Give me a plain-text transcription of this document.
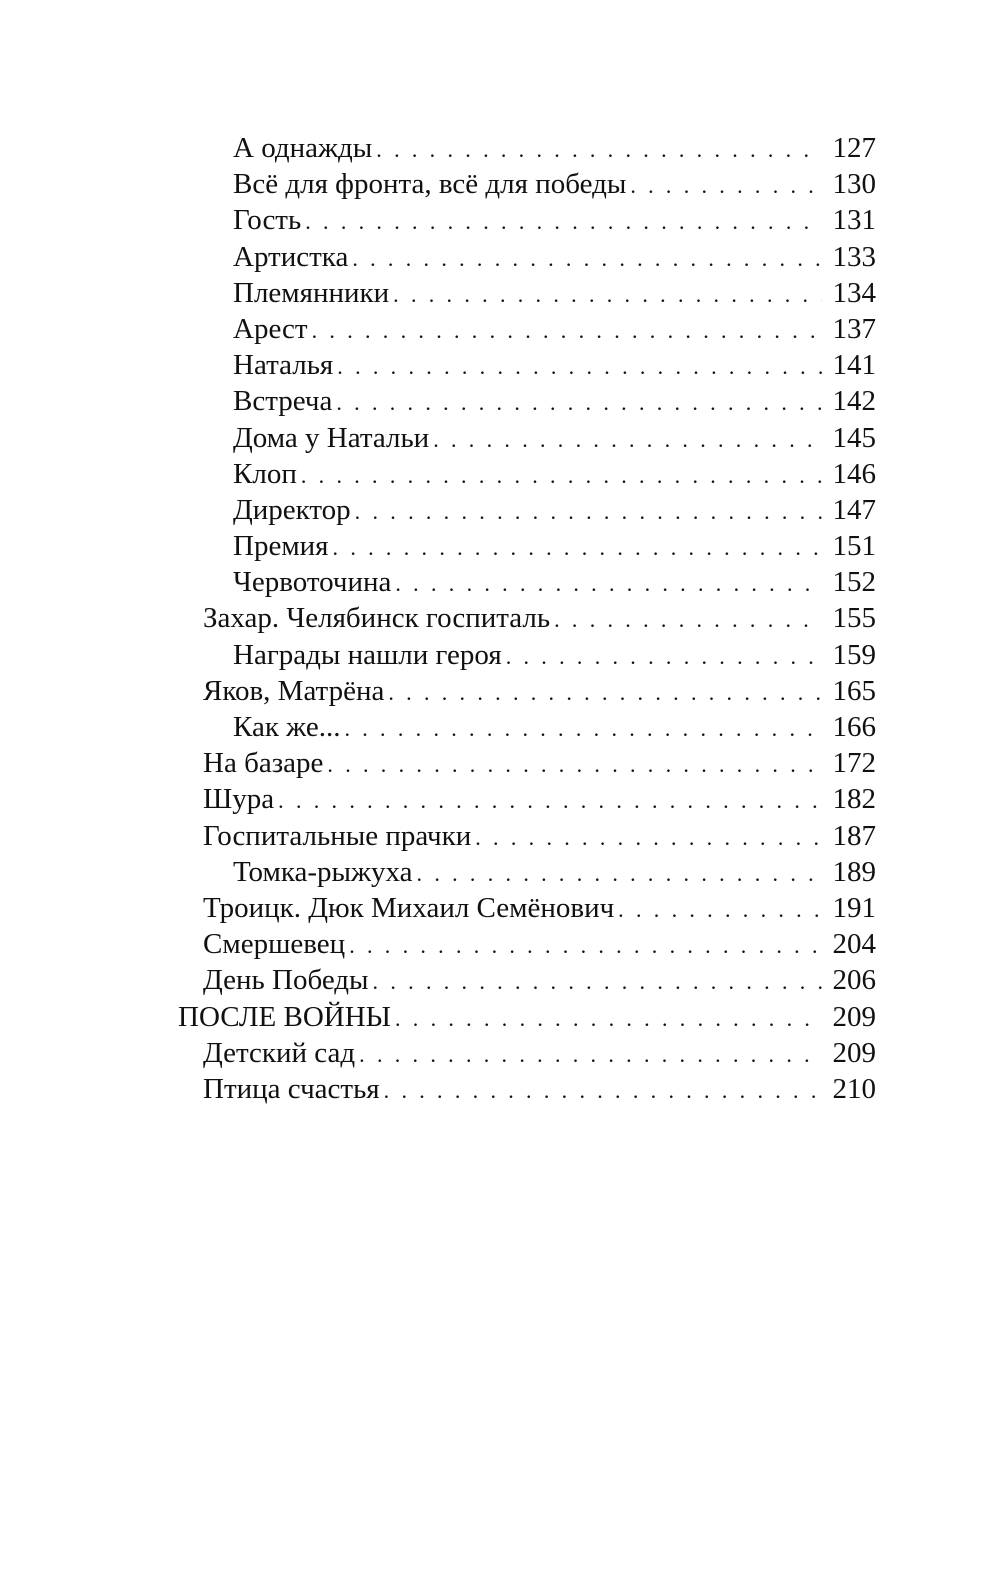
А однажды . . .	127
Всё для фронта, всё для победы . . .	130
Гость . . .	131
Артистка . . .	133
Племянники . . .	134
Арест . . .	137
Наталья . . .	141
Встреча . . .	142
Дома у Натальи . . .	145
Клоп . . .	146
Директор . . .	147
Премия . . .	151
Червоточина . . .	152
Захар. Челябинск госпиталь . . .	155
Награды нашли героя . . .	159
Яков, Матрёна . . .	165
Как же... . . .	166
На базаре . . .	172
Шура . . .	182
Госпитальные прачки . . .	187
Томка-рыжуха . . .	189
Троицк. Дюк Михаил Семёнович . . .	191
Смершевец . . .	204
День Победы . . .	206
ПОСЛЕ ВОЙНЫ . . .	209
Детский сад . . .	209
Птица счастья . . .	210
